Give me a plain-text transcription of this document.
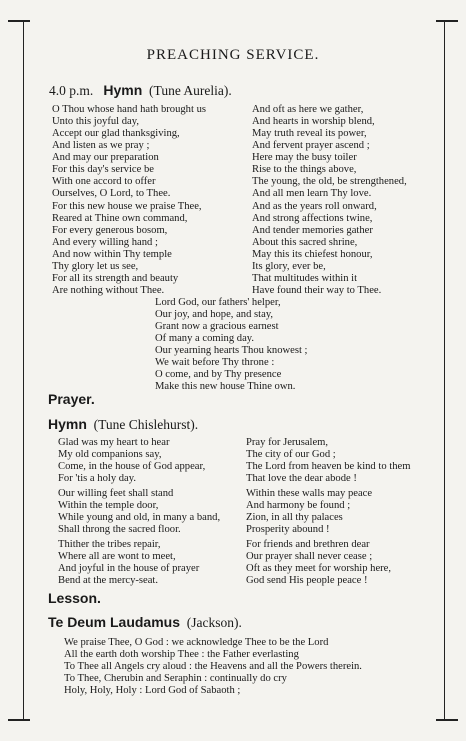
PREACHING SERVICE.
4.0 p.m. Hymn (Tune Aurelia).
O Thou whose hand hath brought us
Unto this joyful day,
Accept our glad thanksgiving,
And listen as we pray ;
And may our preparation
For this day's service be
With one accord to offer
Ourselves, O Lord, to Thee.
And oft as here we gather,
And hearts in worship blend,
May truth reveal its power,
And fervent prayer ascend ;
Here may the busy toiler
Rise to the things above,
The young, the old, be strengthened,
And all men learn Thy love.
For this new house we praise Thee,
Reared at Thine own command,
For every generous bosom,
And every willing hand ;
And now within Thy temple
Thy glory let us see,
For all its strength and beauty
Are nothing without Thee.
And as the years roll onward,
And strong affections twine,
And tender memories gather
About this sacred shrine,
May this its chiefest honour,
Its glory, ever be,
That multitudes within it
Have found their way to Thee.
Lord God, our fathers' helper,
Our joy, and hope, and stay,
Grant now a gracious earnest
Of many a coming day.
Our yearning hearts Thou knowest ;
We wait before Thy throne :
O come, and by Thy presence
Make this new house Thine own.
Prayer.
Hymn (Tune Chislehurst).
Glad was my heart to hear
My old companions say,
Come, in the house of God appear,
For 'tis a holy day.
Our willing feet shall stand
Within the temple door,
While young and old, in many a band,
Shall throng the sacred floor.
Thither the tribes repair,
Where all are wont to meet,
And joyful in the house of prayer
Bend at the mercy-seat.
Pray for Jerusalem,
The city of our God ;
The Lord from heaven be kind to them
That love the dear abode !
Within these walls may peace
And harmony be found ;
Zion, in all thy palaces
Prosperity abound !
For friends and brethren dear
Our prayer shall never cease ;
Oft as they meet for worship here,
God send His people peace !
Lesson.
Te Deum Laudamus (Jackson).
We praise Thee, O God : we acknowledge Thee to be the Lord
All the earth doth worship Thee : the Father everlasting
To Thee all Angels cry aloud : the Heavens and all the Powers therein.
To Thee, Cherubin and Seraphin : continually do cry
Holy, Holy, Holy : Lord God of Sabaoth ;
